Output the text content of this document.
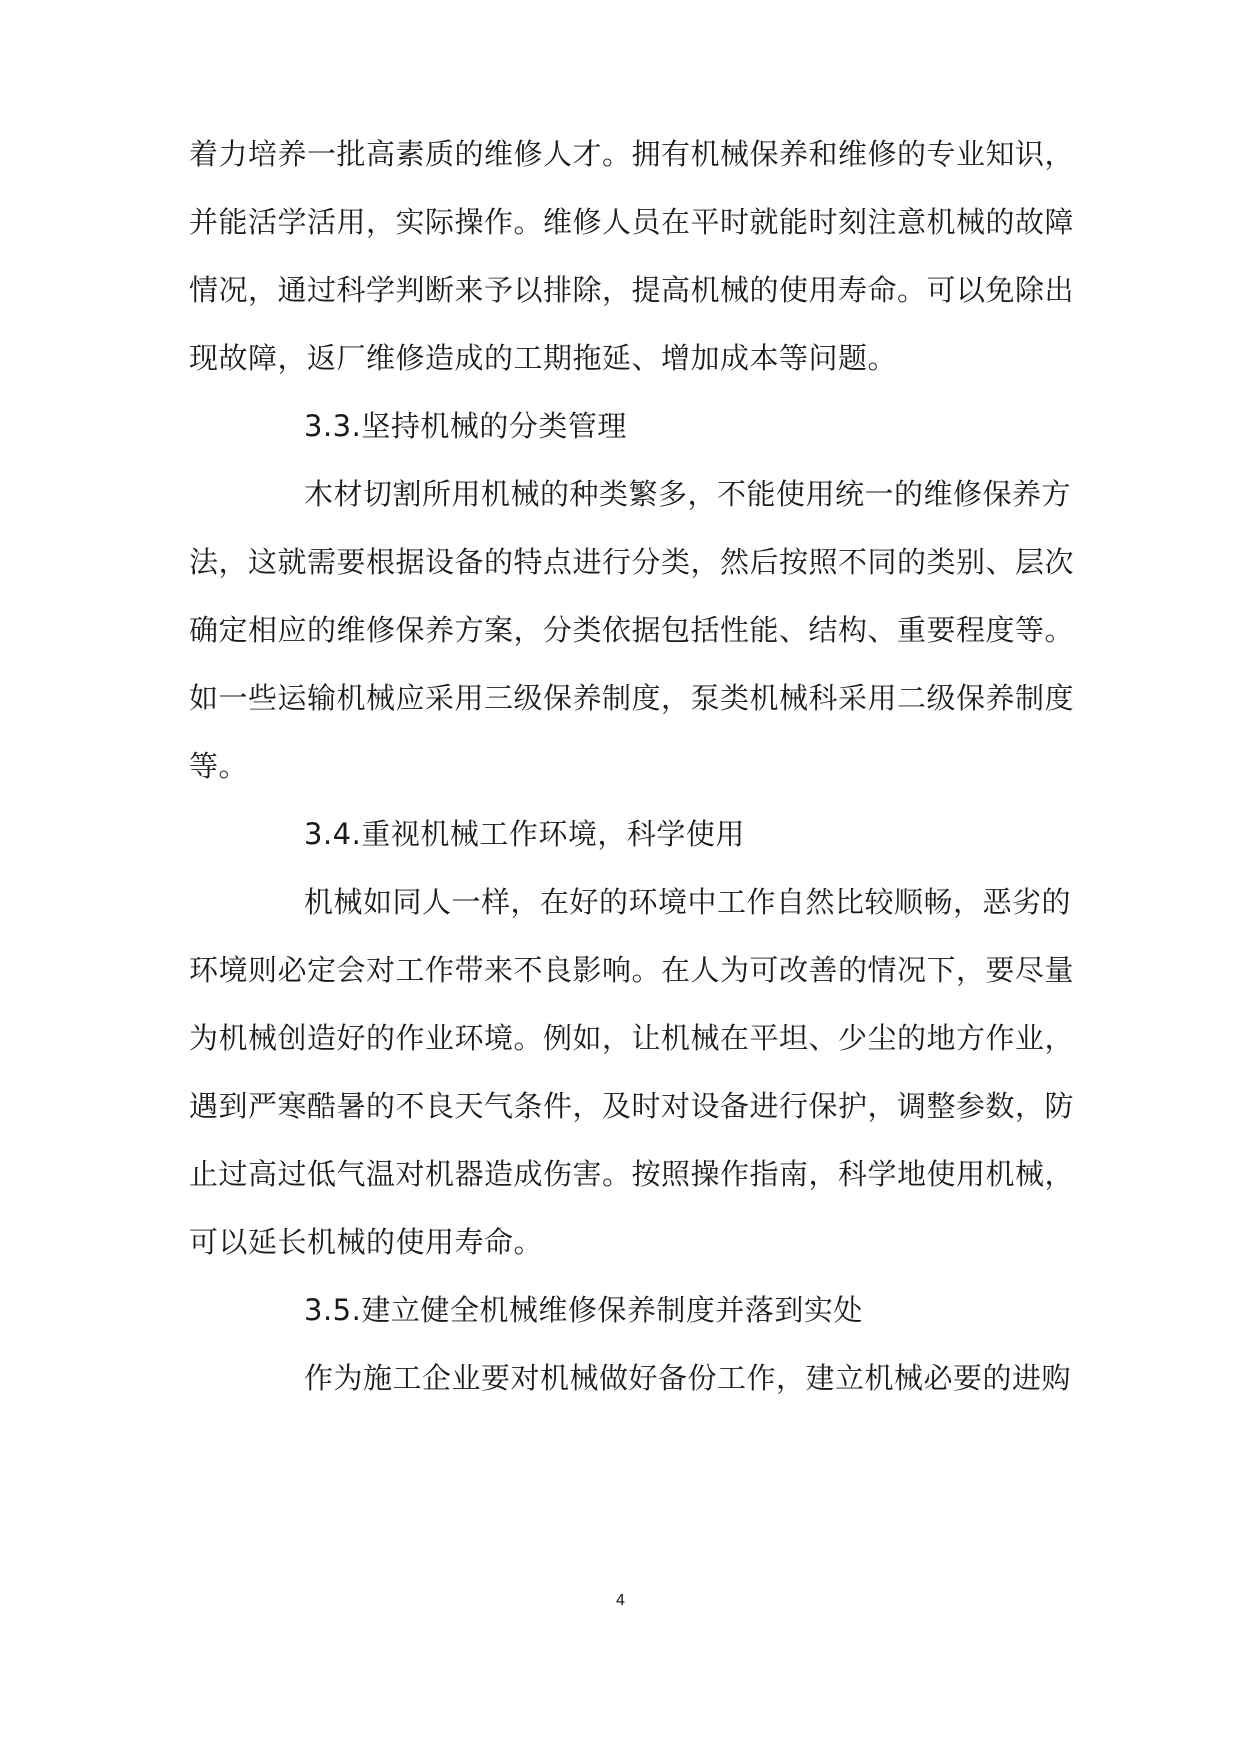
着力培养一批高素质的维修人才。拥有机械保养和维修的专业知识，
并能活学活用，实际操作。维修人员在平时就能时刻注意机械的故障
情况，通过科学判断来予以排除，提高机械的使用寿命。可以免除出
现故障，返厂维修造成的工期拖延、增加成本等问题。
3.3.坚持机械的分类管理
木材切割所用机械的种类繁多，不能使用统一的维修保养方
法，这就需要根据设备的特点进行分类，然后按照不同的类别、层次
确定相应的维修保养方案，分类依据包括性能、结构、重要程度等。
如一些运输机械应采用三级保养制度，泵类机械科采用二级保养制度
等。
3.4.重视机械工作环境，科学使用
机械如同人一样，在好的环境中工作自然比较顺畅，恶劣的
环境则必定会对工作带来不良影响。在人为可改善的情况下，要尽量
为机械创造好的作业环境。例如，让机械在平坦、少尘的地方作业，
遇到严寒酷暑的不良天气条件，及时对设备进行保护，调整参数，防
止过高过低气温对机器造成伤害。按照操作指南，科学地使用机械，
可以延长机械的使用寿命。
3.5.建立健全机械维修保养制度并落到实处
作为施工企业要对机械做好备份工作，建立机械必要的进购
4
